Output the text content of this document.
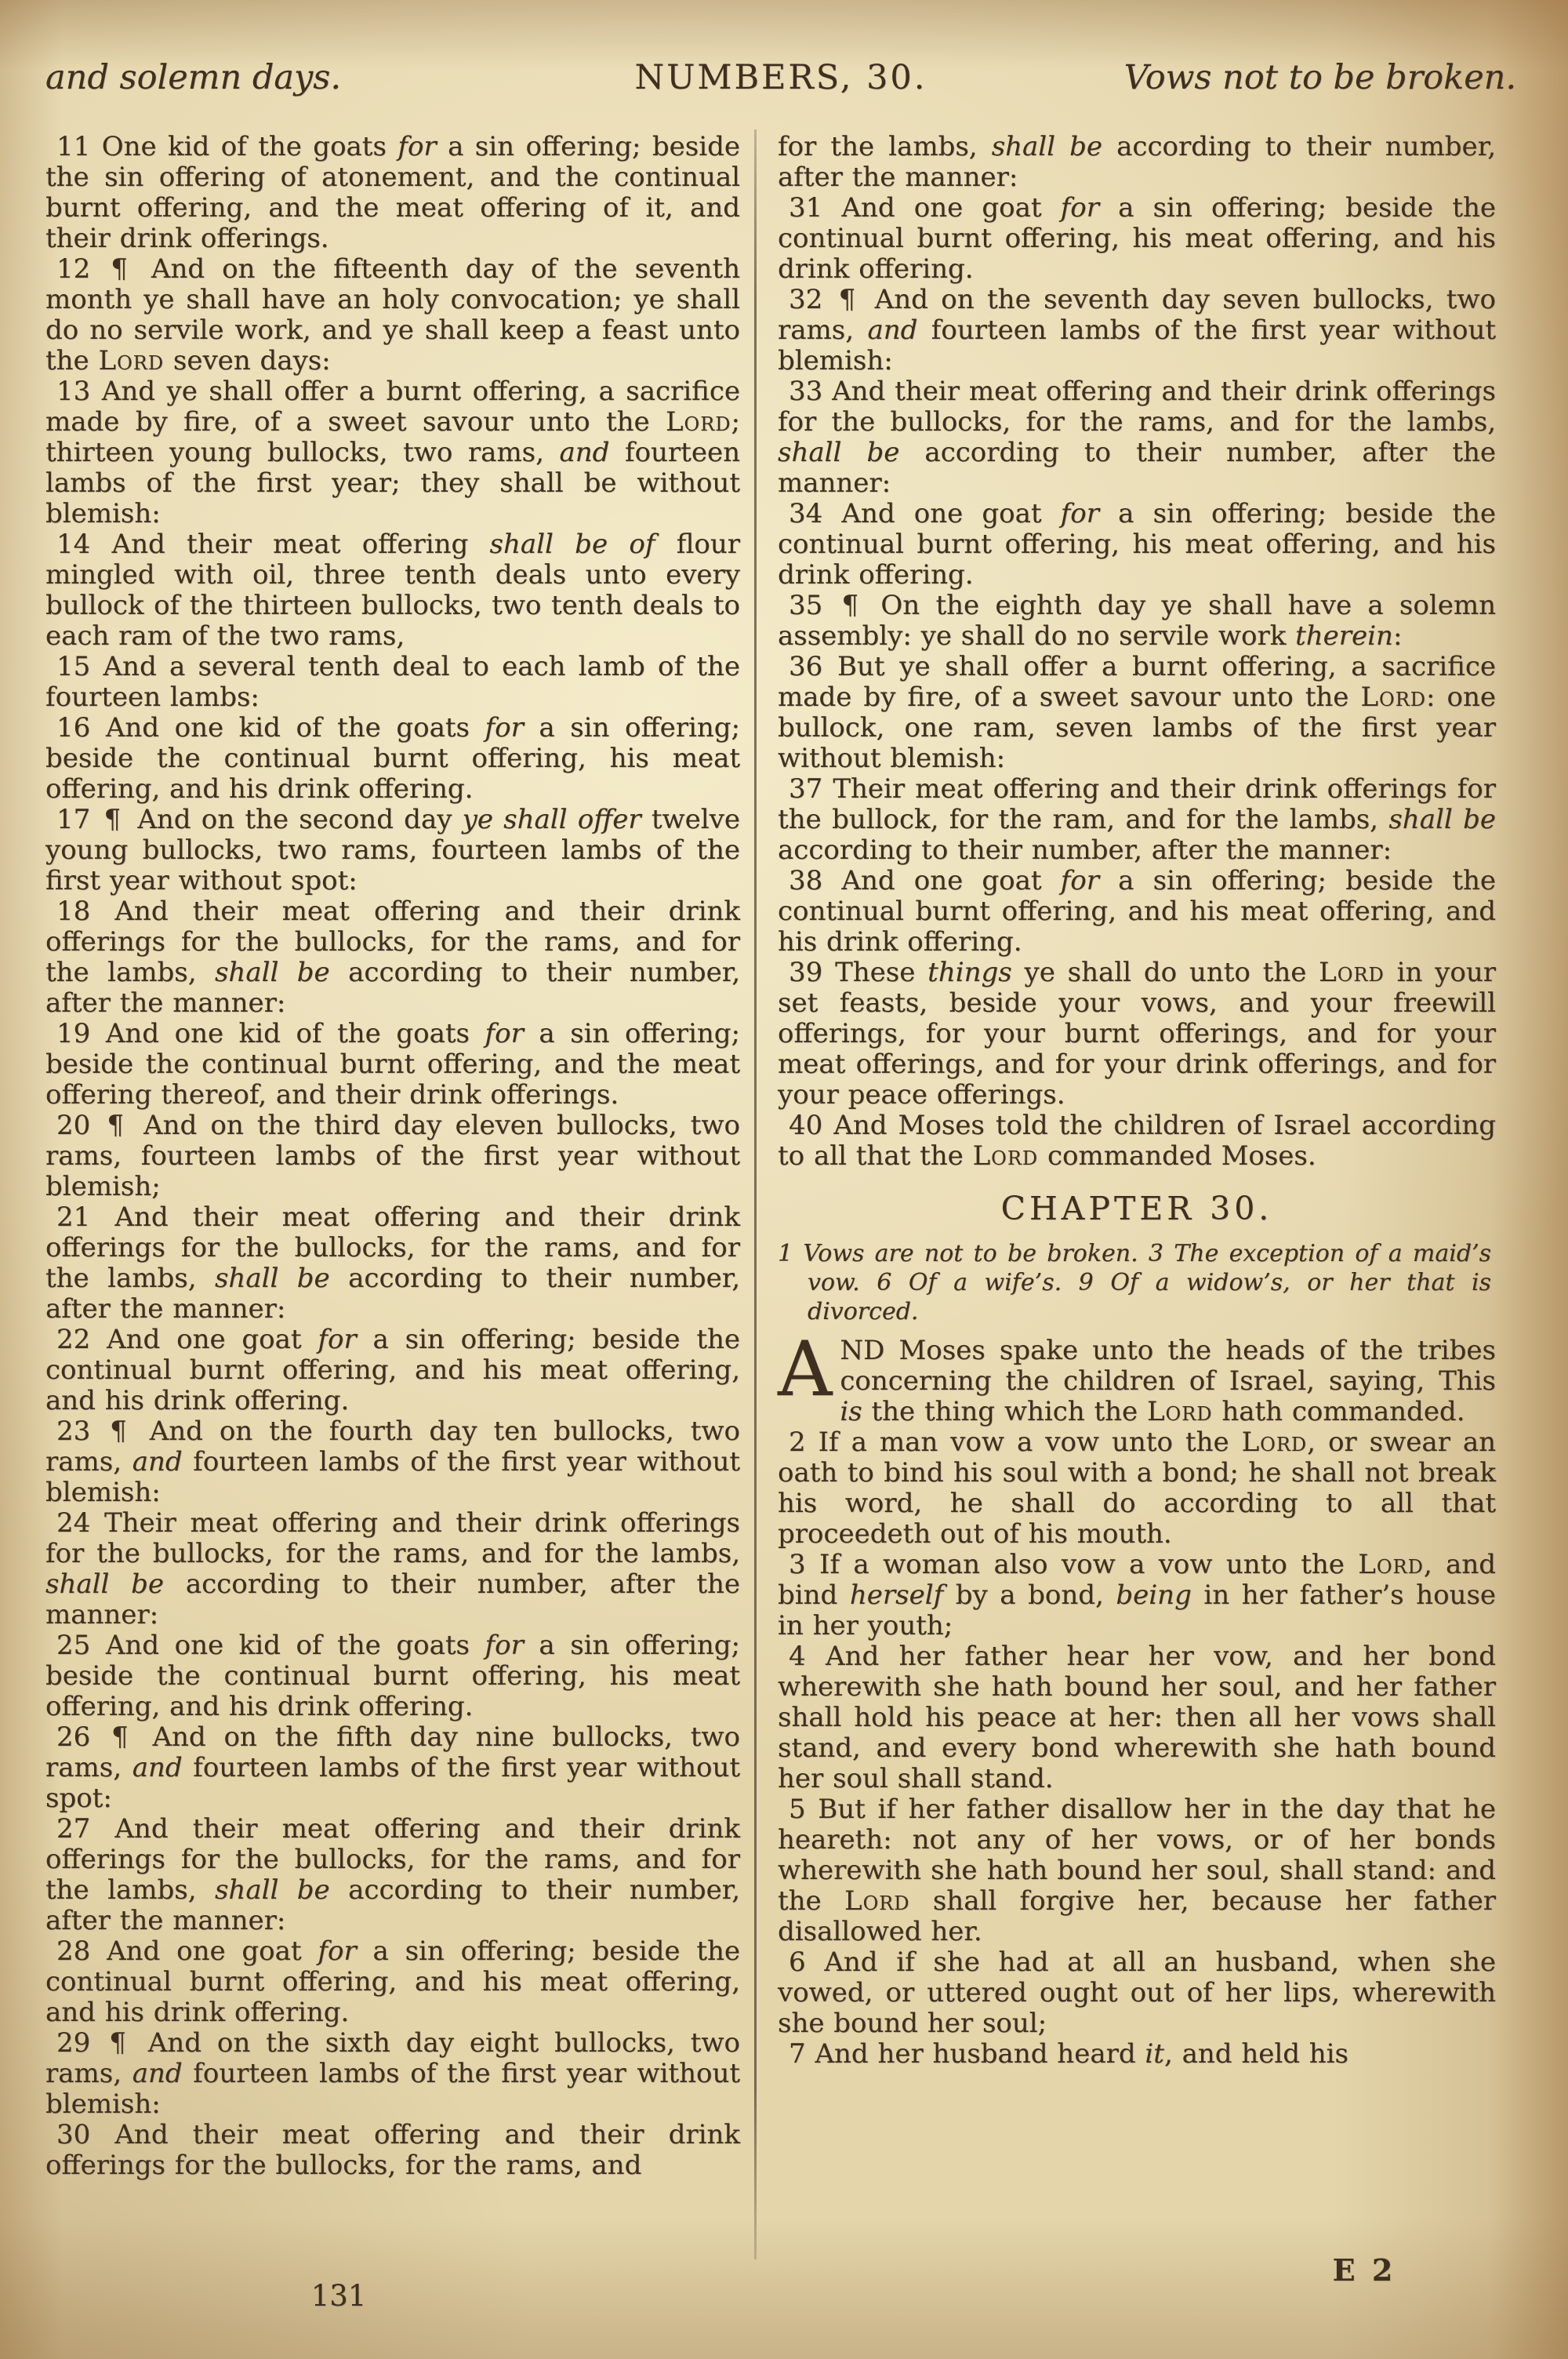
and solemn days.	NUMBERS, 30.	Vows not to be broken.

11 One kid of the goats for a sin offering; beside the sin offering of atonement, and the continual burnt offering, and the meat offering of it, and their drink offerings.

12 ¶ And on the fifteenth day of the seventh month ye shall have an holy convocation; ye shall do no servile work, and ye shall keep a feast unto the Lord seven days:

13 And ye shall offer a burnt offering, a sacrifice made by fire, of a sweet savour unto the Lord; thirteen young bullocks, two rams, and fourteen lambs of the first year; they shall be without blemish:

14 And their meat offering shall be of flour mingled with oil, three tenth deals unto every bullock of the thirteen bullocks, two tenth deals to each ram of the two rams,

15 And a several tenth deal to each lamb of the fourteen lambs:

16 And one kid of the goats for a sin offering; beside the continual burnt offering, his meat offering, and his drink offering.

17 ¶ And on the second day ye shall offer twelve young bullocks, two rams, fourteen lambs of the first year without spot:

18 And their meat offering and their drink offerings for the bullocks, for the rams, and for the lambs, shall be according to their number, after the manner:

19 And one kid of the goats for a sin offering; beside the continual burnt offering, and the meat offering thereof, and their drink offerings.

20 ¶ And on the third day eleven bullocks, two rams, fourteen lambs of the first year without blemish;

21 And their meat offering and their drink offerings for the bullocks, for the rams, and for the lambs, shall be according to their number, after the manner:

22 And one goat for a sin offering; beside the continual burnt offering, and his meat offering, and his drink offering.

23 ¶ And on the fourth day ten bullocks, two rams, and fourteen lambs of the first year without blemish:

24 Their meat offering and their drink offerings for the bullocks, for the rams, and for the lambs, shall be according to their number, after the manner:

25 And one kid of the goats for a sin offering; beside the continual burnt offering, his meat offering, and his drink offering.

26 ¶ And on the fifth day nine bullocks, two rams, and fourteen lambs of the first year without spot:

27 And their meat offering and their drink offerings for the bullocks, for the rams, and for the lambs, shall be according to their number, after the manner:

28 And one goat for a sin offering; beside the continual burnt offering, and his meat offering, and his drink offering.

29 ¶ And on the sixth day eight bullocks, two rams, and fourteen lambs of the first year without blemish:

30 And their meat offering and their drink offerings for the bullocks, for the rams, and

for the lambs, shall be according to their number, after the manner:

31 And one goat for a sin offering; beside the continual burnt offering, his meat offering, and his drink offering.

32 ¶ And on the seventh day seven bullocks, two rams, and fourteen lambs of the first year without blemish:

33 And their meat offering and their drink offerings for the bullocks, for the rams, and for the lambs, shall be according to their number, after the manner:

34 And one goat for a sin offering; beside the continual burnt offering, his meat offering, and his drink offering.

35 ¶ On the eighth day ye shall have a solemn assembly: ye shall do no servile work therein:

36 But ye shall offer a burnt offering, a sacrifice made by fire, of a sweet savour unto the Lord: one bullock, one ram, seven lambs of the first year without blemish:

37 Their meat offering and their drink offerings for the bullock, for the ram, and for the lambs, shall be according to their number, after the manner:

38 And one goat for a sin offering; beside the continual burnt offering, and his meat offering, and his drink offering.

39 These things ye shall do unto the Lord in your set feasts, beside your vows, and your freewill offerings, for your burnt offerings, and for your meat offerings, and for your drink offerings, and for your peace offerings.

40 And Moses told the children of Israel according to all that the Lord commanded Moses.

CHAPTER 30.

1 Vows are not to be broken. 3 The exception of a maid’s vow. 6 Of a wife’s. 9 Of a widow’s, or her that is divorced.

AND Moses spake unto the heads of the tribes concerning the children of Israel, saying, This is the thing which the Lord hath commanded.

2 If a man vow a vow unto the Lord, or swear an oath to bind his soul with a bond; he shall not break his word, he shall do according to all that proceedeth out of his mouth.

3 If a woman also vow a vow unto the Lord, and bind herself by a bond, being in her father’s house in her youth;

4 And her father hear her vow, and her bond wherewith she hath bound her soul, and her father shall hold his peace at her: then all her vows shall stand, and every bond wherewith she hath bound her soul shall stand.

5 But if her father disallow her in the day that he heareth: not any of her vows, or of her bonds wherewith she hath bound her soul, shall stand: and the Lord shall forgive her, because her father disallowed her.

6 And if she had at all an husband, when she vowed, or uttered ought out of her lips, wherewith she bound her soul;

7 And her husband heard it, and held his

131
E 2
